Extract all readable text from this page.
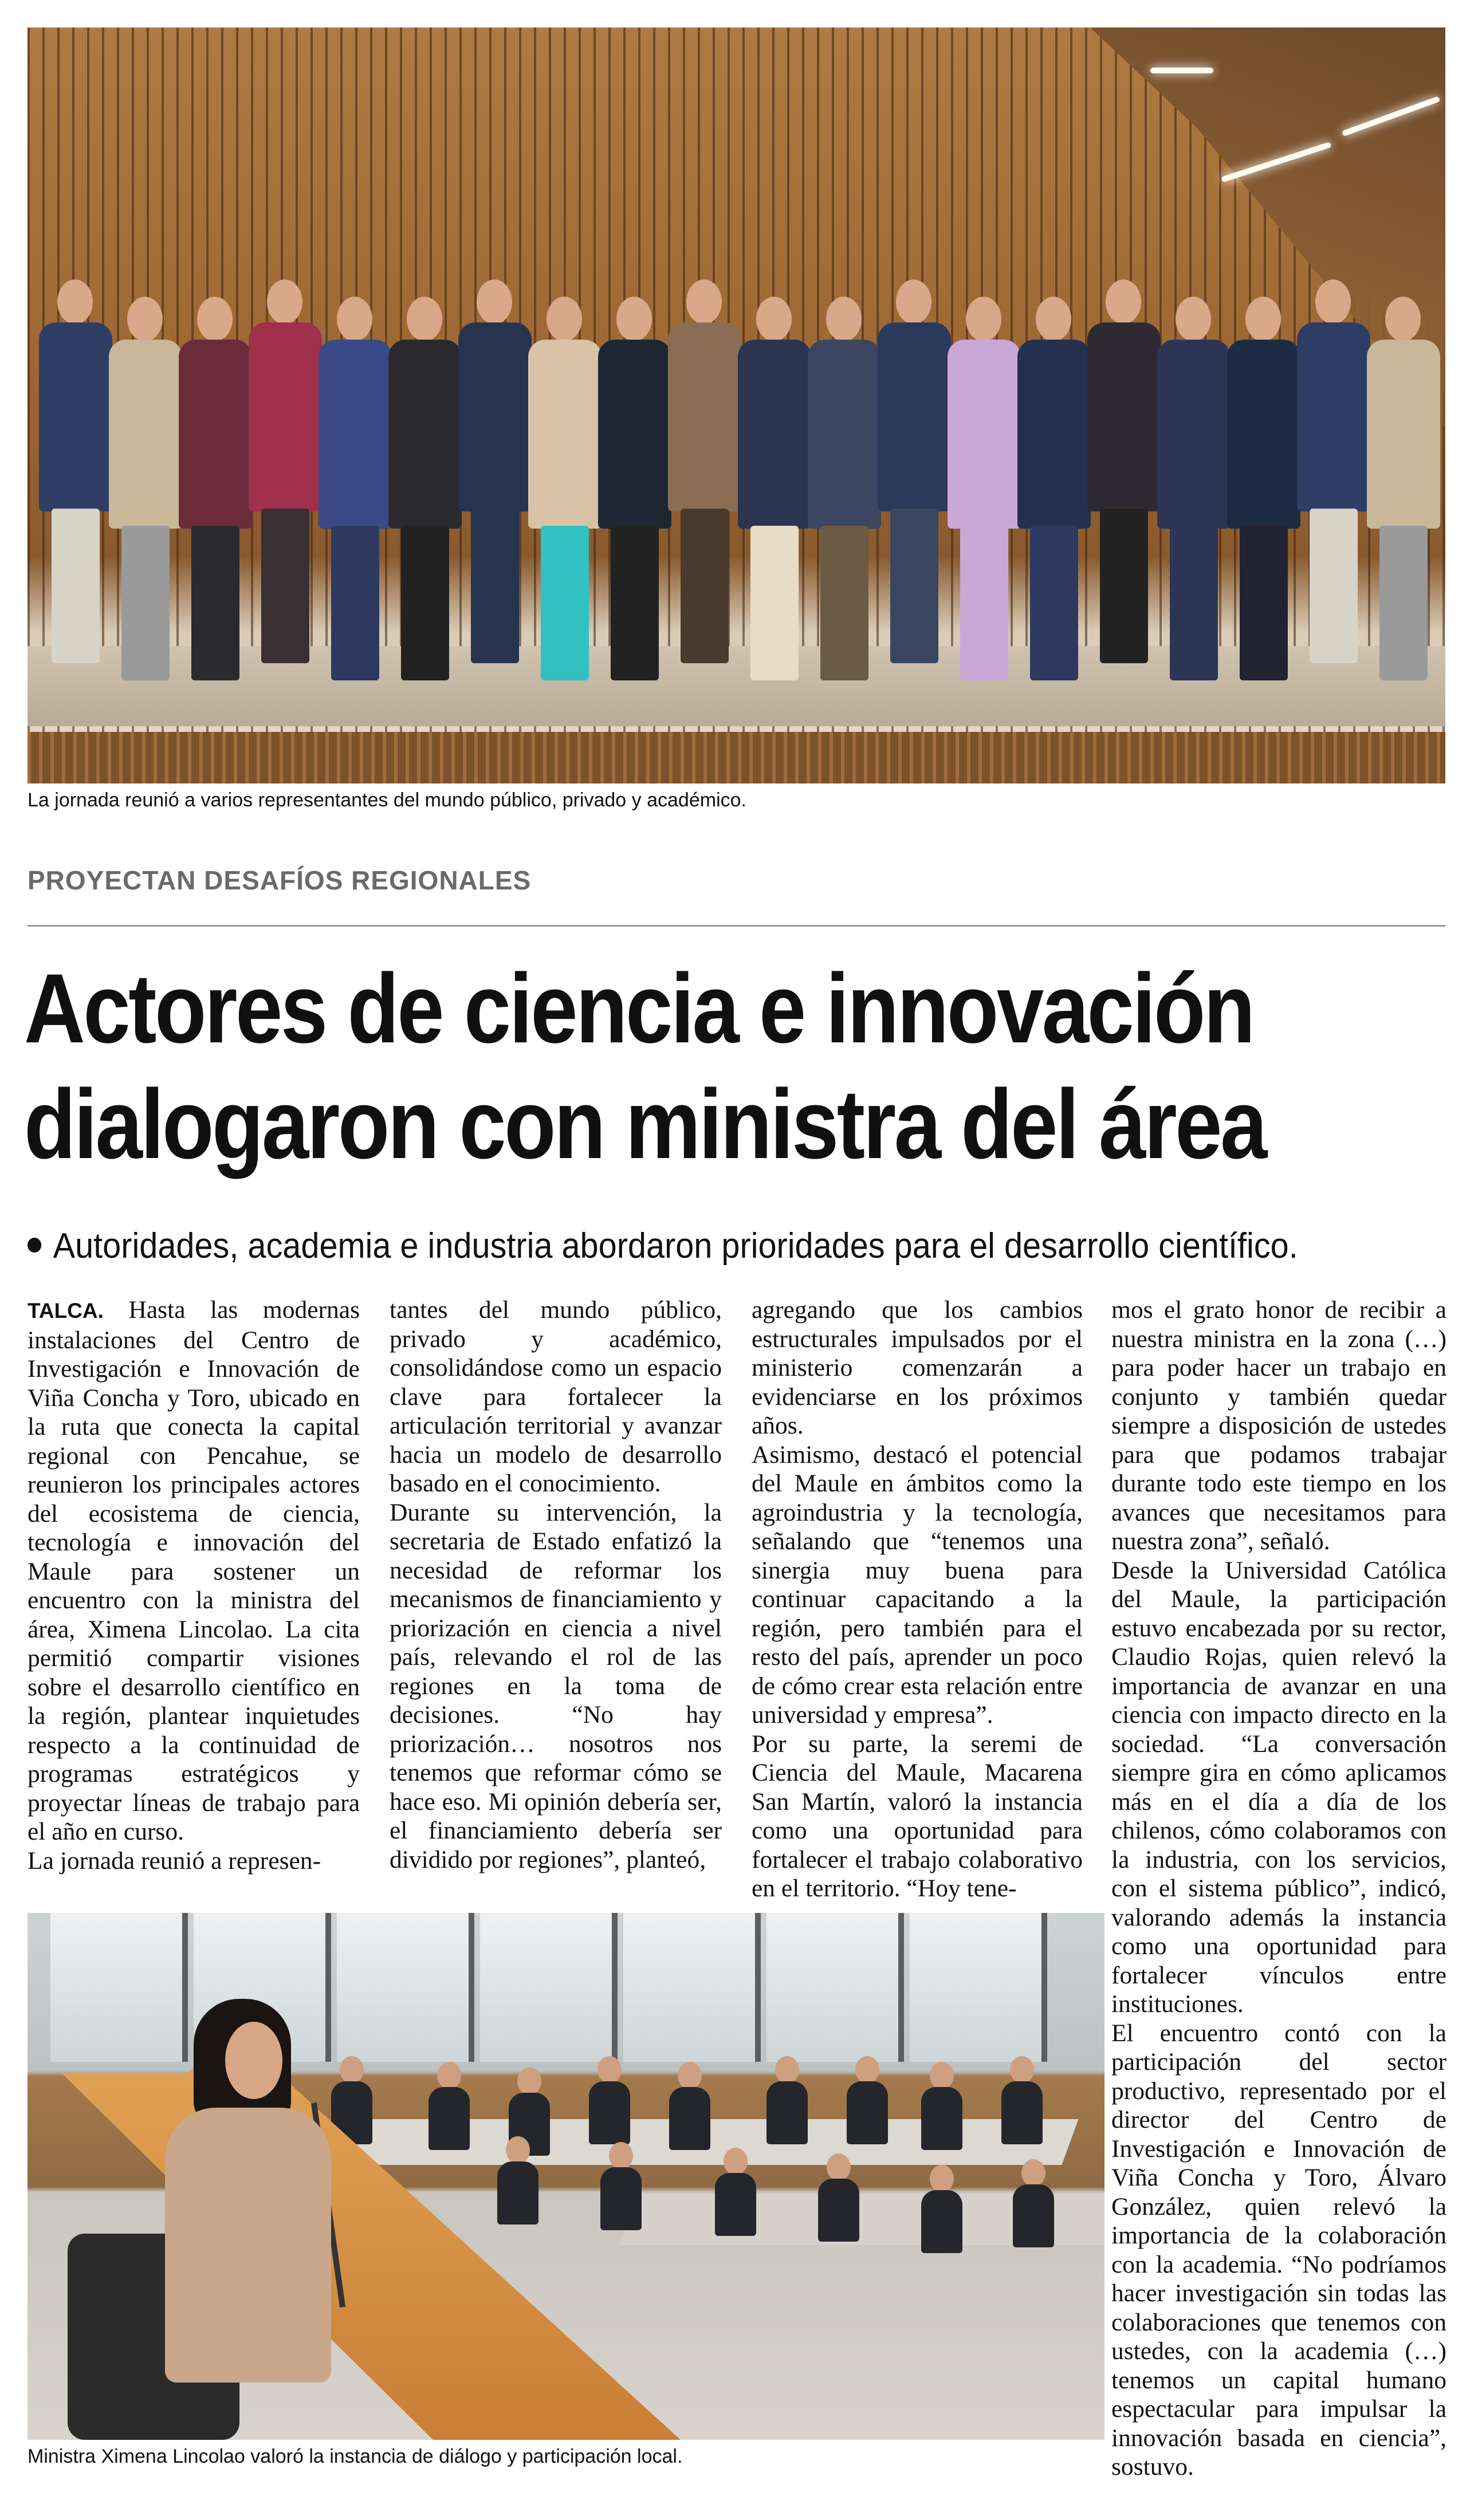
La jornada reunió a varios representantes del mundo público, privado y académico.
PROYECTAN DESAFÍOS REGIONALES
Actores de ciencia e innovación
dialogaron con ministra del área
Autoridades, academia e industria abordaron prioridades para el desarrollo científico.

TALCA. Hasta las modernas instalaciones del Centro de Investigación e Innovación de Viña Concha y Toro, ubicado en la ruta que conecta la capital regional con Pencahue, se reunieron los principales actores del ecosistema de ciencia, tecnología e innovación del Maule para sostener un encuentro con la ministra del área, Ximena Lincolao. La cita permitió compartir visiones sobre el desarrollo científico en la región, plantear inquietudes respecto a la continuidad de programas estratégicos y proyectar líneas de trabajo para el año en curso.

La jornada reunió a represen-

tantes del mundo público, privado y académico, consolidándose como un espacio clave para fortalecer la articulación territorial y avanzar hacia un modelo de desarrollo basado en el conocimiento.

Durante su intervención, la secretaria de Estado enfatizó la necesidad de reformar los mecanismos de financiamiento y priorización en ciencia a nivel país, relevando el rol de las regiones en la toma de decisiones. “No hay priorización… nosotros nos tenemos que reformar cómo se hace eso. Mi opinión debería ser, el financiamiento debería ser dividido por regiones”, planteó,

agregando que los cambios estructurales impulsados por el ministerio comenzarán a evidenciarse en los próximos años.

Asimismo, destacó el potencial del Maule en ámbitos como la agroindustria y la tecnología, señalando que “tenemos una sinergia muy buena para continuar capacitando a la región, pero también para el resto del país, aprender un poco de cómo crear esta relación entre universidad y empresa”.

Por su parte, la seremi de Ciencia del Maule, Macarena San Martín, valoró la instancia como una oportunidad para fortalecer el trabajo colaborativo en el territorio. “Hoy tene-

mos el grato honor de recibir a nuestra ministra en la zona (…) para poder hacer un trabajo en conjunto y también quedar siempre a disposición de ustedes para que podamos trabajar durante todo este tiempo en los avances que necesitamos para nuestra zona”, señaló.

Desde la Universidad Católica del Maule, la participación estuvo encabezada por su rector, Claudio Rojas, quien relevó la importancia de avanzar en una ciencia con impacto directo en la sociedad. “La conversación siempre gira en cómo aplicamos más en el día a día de los chilenos, cómo colaboramos con la industria, con los servicios, con el sistema público”, indicó, valorando además la instancia como una oportunidad para fortalecer vínculos entre instituciones.

El encuentro contó con la participación del sector productivo, representado por el director del Centro de Investigación e Innovación de Viña Concha y Toro, Álvaro González, quien relevó la importancia de la colaboración con la academia. “No podríamos hacer investigación sin todas las colaboraciones que tenemos con ustedes, con la academia (…) tenemos un capital humano espectacular para impulsar la innovación basada en ciencia”, sostuvo.

Ministra Ximena Lincolao valoró la instancia de diálogo y participación local.
